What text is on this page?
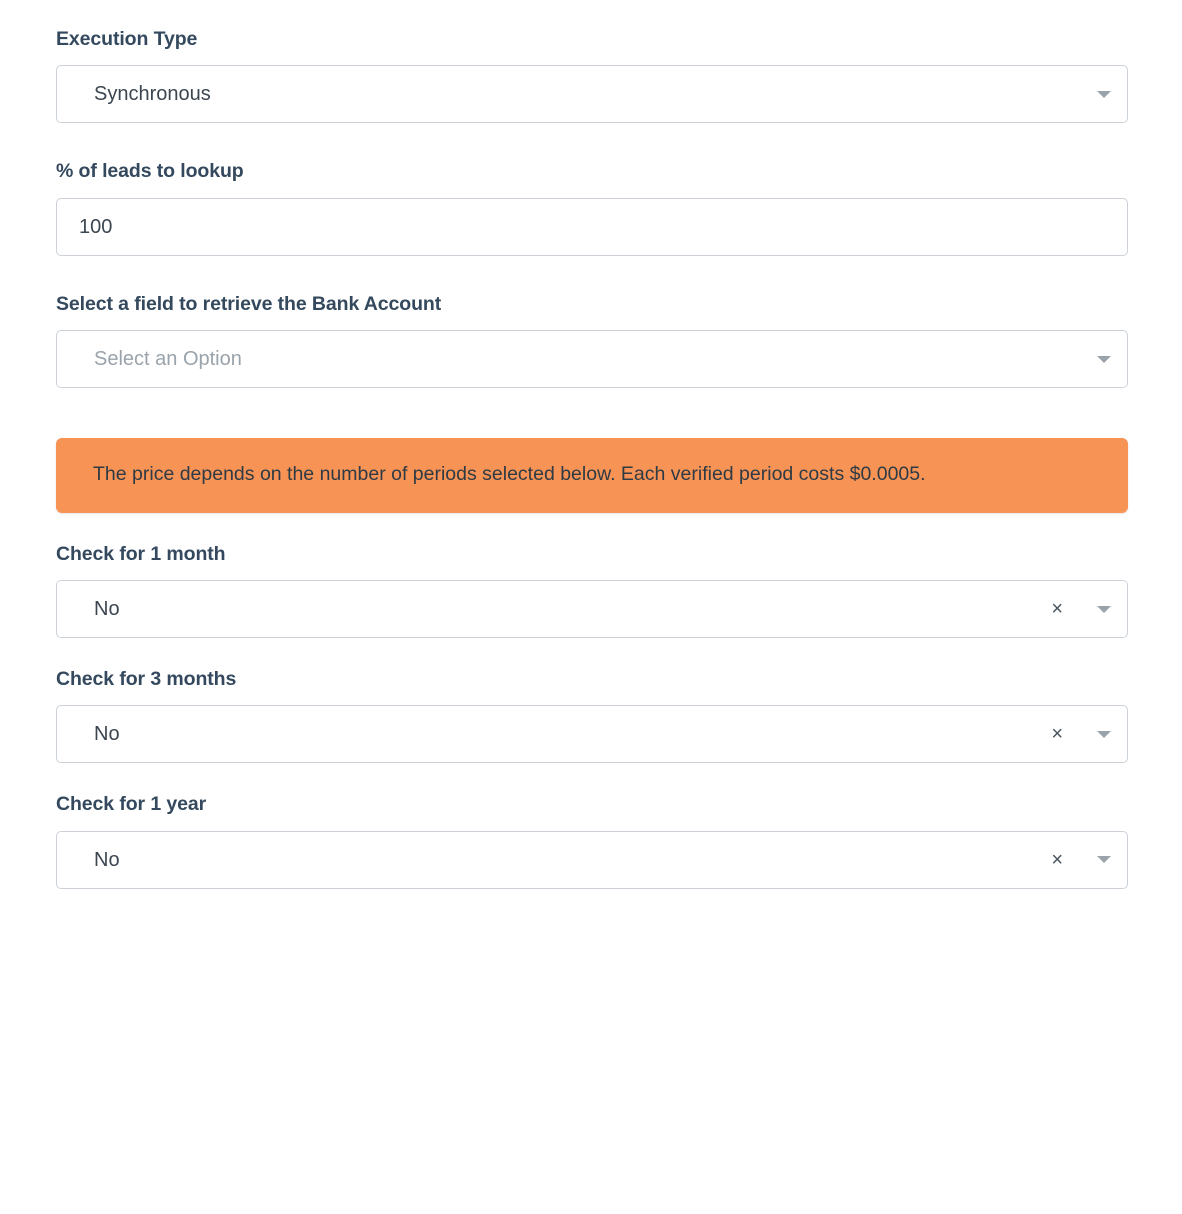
Execution Type
Synchronous
% of leads to lookup
100
Select a field to retrieve the Bank Account
Select an Option
The price depends on the number of periods selected below. Each verified period costs $0.0005.
Check for 1 month
No	×
Check for 3 months
No	×
Check for 1 year
No	×
